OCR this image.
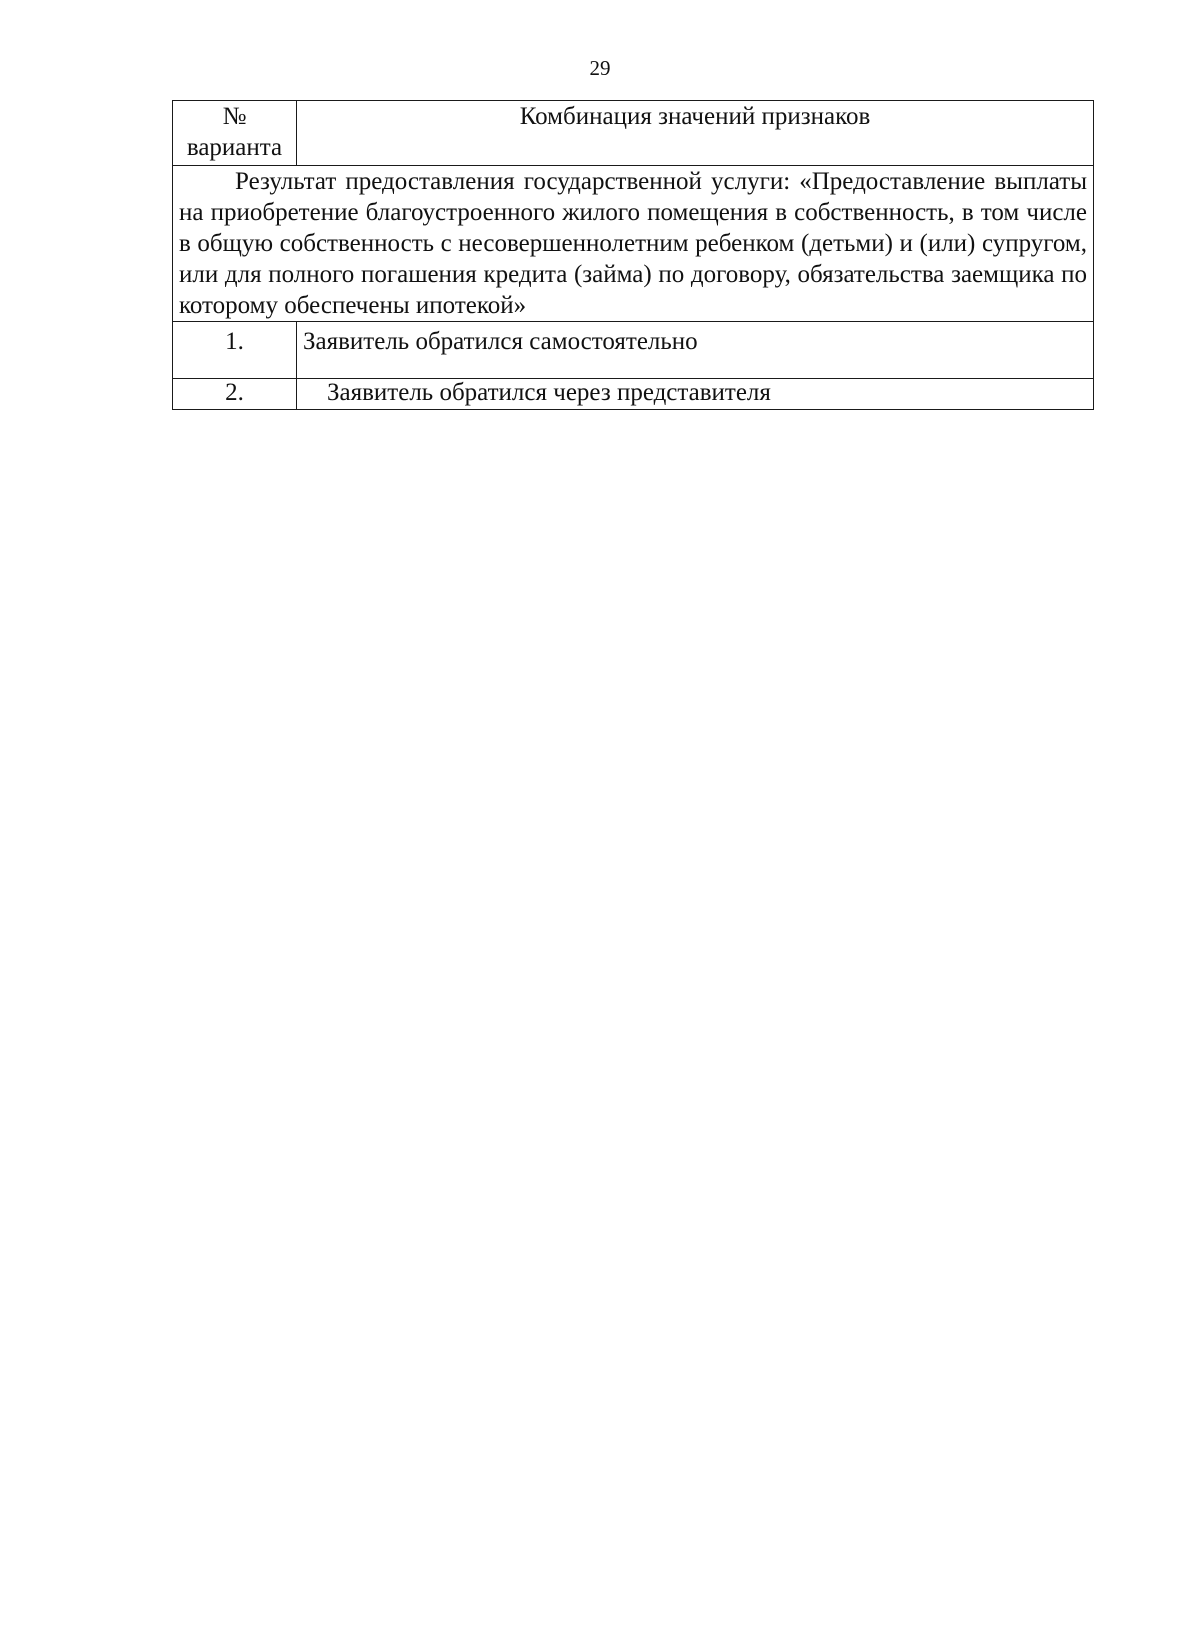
29
№ варианта	Комбинация значений признаков
Результат предоставления государственной услуги: «Предоставление выплаты на приобретение благоустроенного жилого помещения в собственность, в том числе в общую собственность с несовершеннолетним ребенком (детьми) и (или) супругом, или для полного погашения кредита (займа) по договору, обязательства заемщика по которому обеспечены ипотекой»	
1.	Заявитель обратился самостоятельно
2.	Заявитель обратился через представителя
